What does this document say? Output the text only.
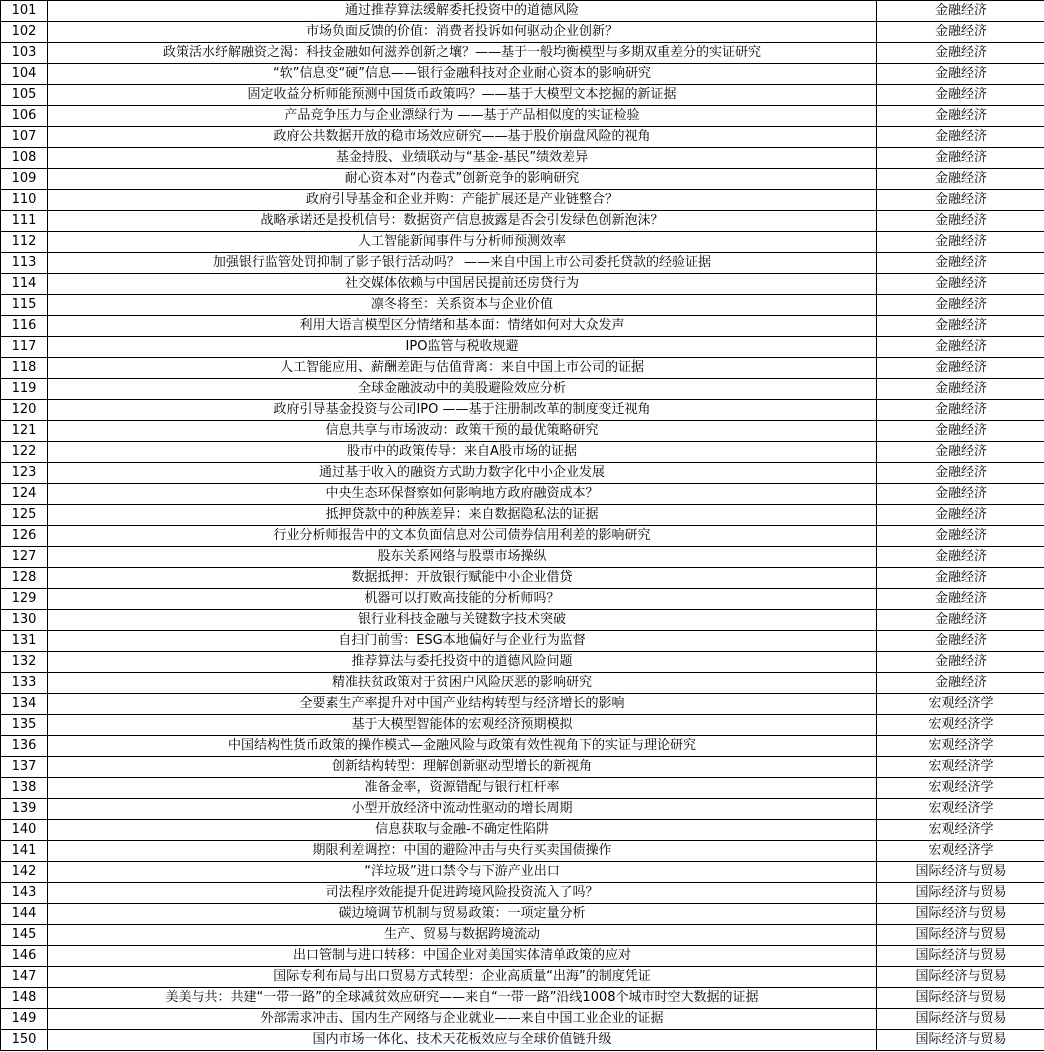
101	通过推荐算法缓解委托投资中的道德风险	金融经济
102	市场负面反馈的价值：消费者投诉如何驱动企业创新？	金融经济
103	政策活水纾解融资之渴：科技金融如何滋养创新之壤？——基于一般均衡模型与多期双重差分的实证研究	金融经济
104	“软”信息变“硬”信息——银行金融科技对企业耐心资本的影响研究	金融经济
105	固定收益分析师能预测中国货币政策吗？——基于大模型文本挖掘的新证据	金融经济
106	产品竞争压力与企业漂绿行为 ——基于产品相似度的实证检验	金融经济
107	政府公共数据开放的稳市场效应研究——基于股价崩盘风险的视角	金融经济
108	基金持股、业绩联动与“基金-基民”绩效差异	金融经济
109	耐心资本对“内卷式”创新竞争的影响研究	金融经济
110	政府引导基金和企业并购：产能扩展还是产业链整合？	金融经济
111	战略承诺还是投机信号：数据资产信息披露是否会引发绿色创新泡沫？	金融经济
112	人工智能新闻事件与分析师预测效率	金融经济
113	加强银行监管处罚抑制了影子银行活动吗？ ——来自中国上市公司委托贷款的经验证据	金融经济
114	社交媒体依赖与中国居民提前还房贷行为	金融经济
115	凛冬将至：关系资本与企业价值	金融经济
116	利用大语言模型区分情绪和基本面：情绪如何对大众发声	金融经济
117	IPO监管与税收规避	金融经济
118	人工智能应用、薪酬差距与估值背离：来自中国上市公司的证据	金融经济
119	全球金融波动中的美股避险效应分析	金融经济
120	政府引导基金投资与公司IPO ——基于注册制改革的制度变迁视角	金融经济
121	信息共享与市场波动：政策干预的最优策略研究	金融经济
122	股市中的政策传导：来自A股市场的证据	金融经济
123	通过基于收入的融资方式助力数字化中小企业发展	金融经济
124	中央生态环保督察如何影响地方政府融资成本？	金融经济
125	抵押贷款中的种族差异：来自数据隐私法的证据	金融经济
126	行业分析师报告中的文本负面信息对公司债券信用利差的影响研究	金融经济
127	股东关系网络与股票市场操纵	金融经济
128	数据抵押：开放银行赋能中小企业借贷	金融经济
129	机器可以打败高技能的分析师吗？	金融经济
130	银行业科技金融与关键数字技术突破	金融经济
131	自扫门前雪：ESG本地偏好与企业行为监督	金融经济
132	推荐算法与委托投资中的道德风险问题	金融经济
133	精准扶贫政策对于贫困户风险厌恶的影响研究	金融经济
134	全要素生产率提升对中国产业结构转型与经济增长的影响	宏观经济学
135	基于大模型智能体的宏观经济预期模拟	宏观经济学
136	中国结构性货币政策的操作模式—金融风险与政策有效性视角下的实证与理论研究	宏观经济学
137	创新结构转型：理解创新驱动型增长的新视角	宏观经济学
138	准备金率，资源错配与银行杠杆率	宏观经济学
139	小型开放经济中流动性驱动的增长周期	宏观经济学
140	信息获取与金融-不确定性陷阱	宏观经济学
141	期限利差调控：中国的避险冲击与央行买卖国债操作	宏观经济学
142	“洋垃圾”进口禁令与下游产业出口	国际经济与贸易
143	司法程序效能提升促进跨境风险投资流入了吗？	国际经济与贸易
144	碳边境调节机制与贸易政策：一项定量分析	国际经济与贸易
145	生产、贸易与数据跨境流动	国际经济与贸易
146	出口管制与进口转移：中国企业对美国实体清单政策的应对	国际经济与贸易
147	国际专利布局与出口贸易方式转型：企业高质量“出海”的制度凭证	国际经济与贸易
148	美美与共：共建“一带一路”的全球减贫效应研究——来自“一带一路”沿线1008个城市时空大数据的证据	国际经济与贸易
149	外部需求冲击、国内生产网络与企业就业——来自中国工业企业的证据	国际经济与贸易
150	国内市场一体化、技术天花板效应与全球价值链升级	国际经济与贸易
